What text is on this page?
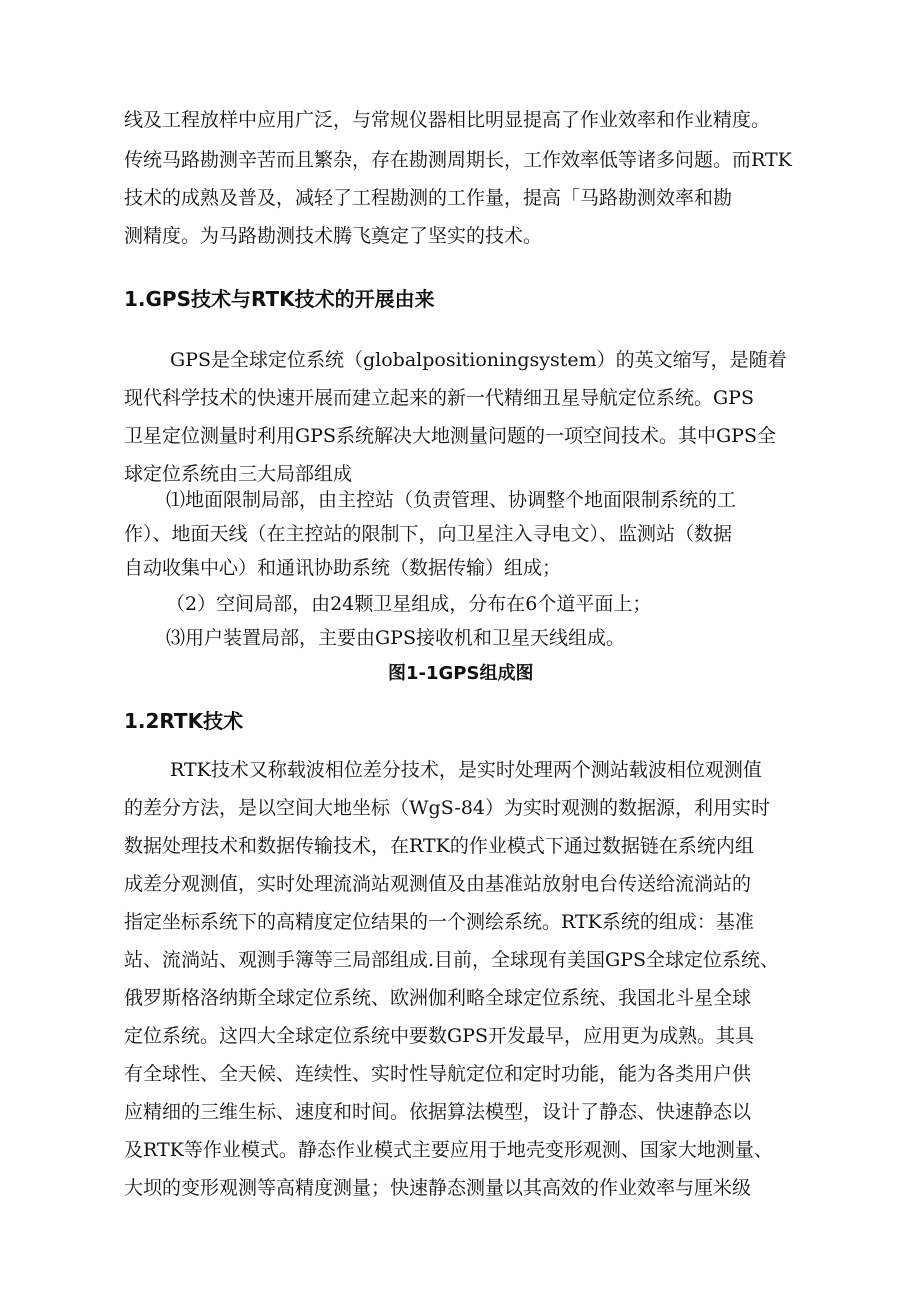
线及工程放样中应用广泛，与常规仪器相比明显提高了作业效率和作业精度。
传统马路勘测辛苦而且繁杂，存在勘测周期长，工作效率低等诸多问题。而RTK
技术的成熟及普及，减轻了工程勘测的工作量，提高「马路勘测效率和勘
测精度。为马路勘测技术腾飞奠定了坚实的技术。
1.GPS技术与RTK技术的开展由来
GPS是全球定位系统（globalpositioningsystem）的英文缩写，是随着
现代科学技术的快速开展而建立起来的新一代精细丑星导航定位系统。GPS
卫星定位测量时利用GPS系统解决大地测量问题的一项空间技术。其中GPS全
球定位系统由三大局部组成
⑴地面限制局部，由主控站（负责管理、协调整个地面限制系统的工
作）、地面天线（在主控站的限制下，向卫星注入寻电文）、监测站（数据
自动收集中心）和通讯协助系统（数据传输）组成；
（2）空间局部，由24颗卫星组成，分布在6个道平面上；
⑶用户装置局部，主要由GPS接收机和卫星天线组成。
图1-1GPS组成图
1.2RTK技术
RTK技术又称载波相位差分技术，是实时处理两个测站载波相位观测值
的差分方法，是以空间大地坐标（WgS-84）为实时观测的数据源，利用实时
数据处理技术和数据传输技术，在RTK的作业模式下通过数据链在系统内组
成差分观测值，实时处理流淌站观测值及由基准站放射电台传送给流淌站的
指定坐标系统下的高精度定位结果的一个测绘系统。RTK系统的组成：基准
站、流淌站、观测手簿等三局部组成.目前，全球现有美国GPS全球定位系统、
俄罗斯格洛纳斯全球定位系统、欧洲伽利略全球定位系统、我国北斗星全球
定位系统。这四大全球定位系统中要数GPS开发最早，应用更为成熟。其具
有全球性、全天候、连续性、实时性导航定位和定时功能，能为各类用户供
应精细的三维生标、速度和时间。依据算法模型，设计了静态、快速静态以
及RTK等作业模式。静态作业模式主要应用于地壳变形观测、国家大地测量、
大坝的变形观测等高精度测量；快速静态测量以其高效的作业效率与厘米级
